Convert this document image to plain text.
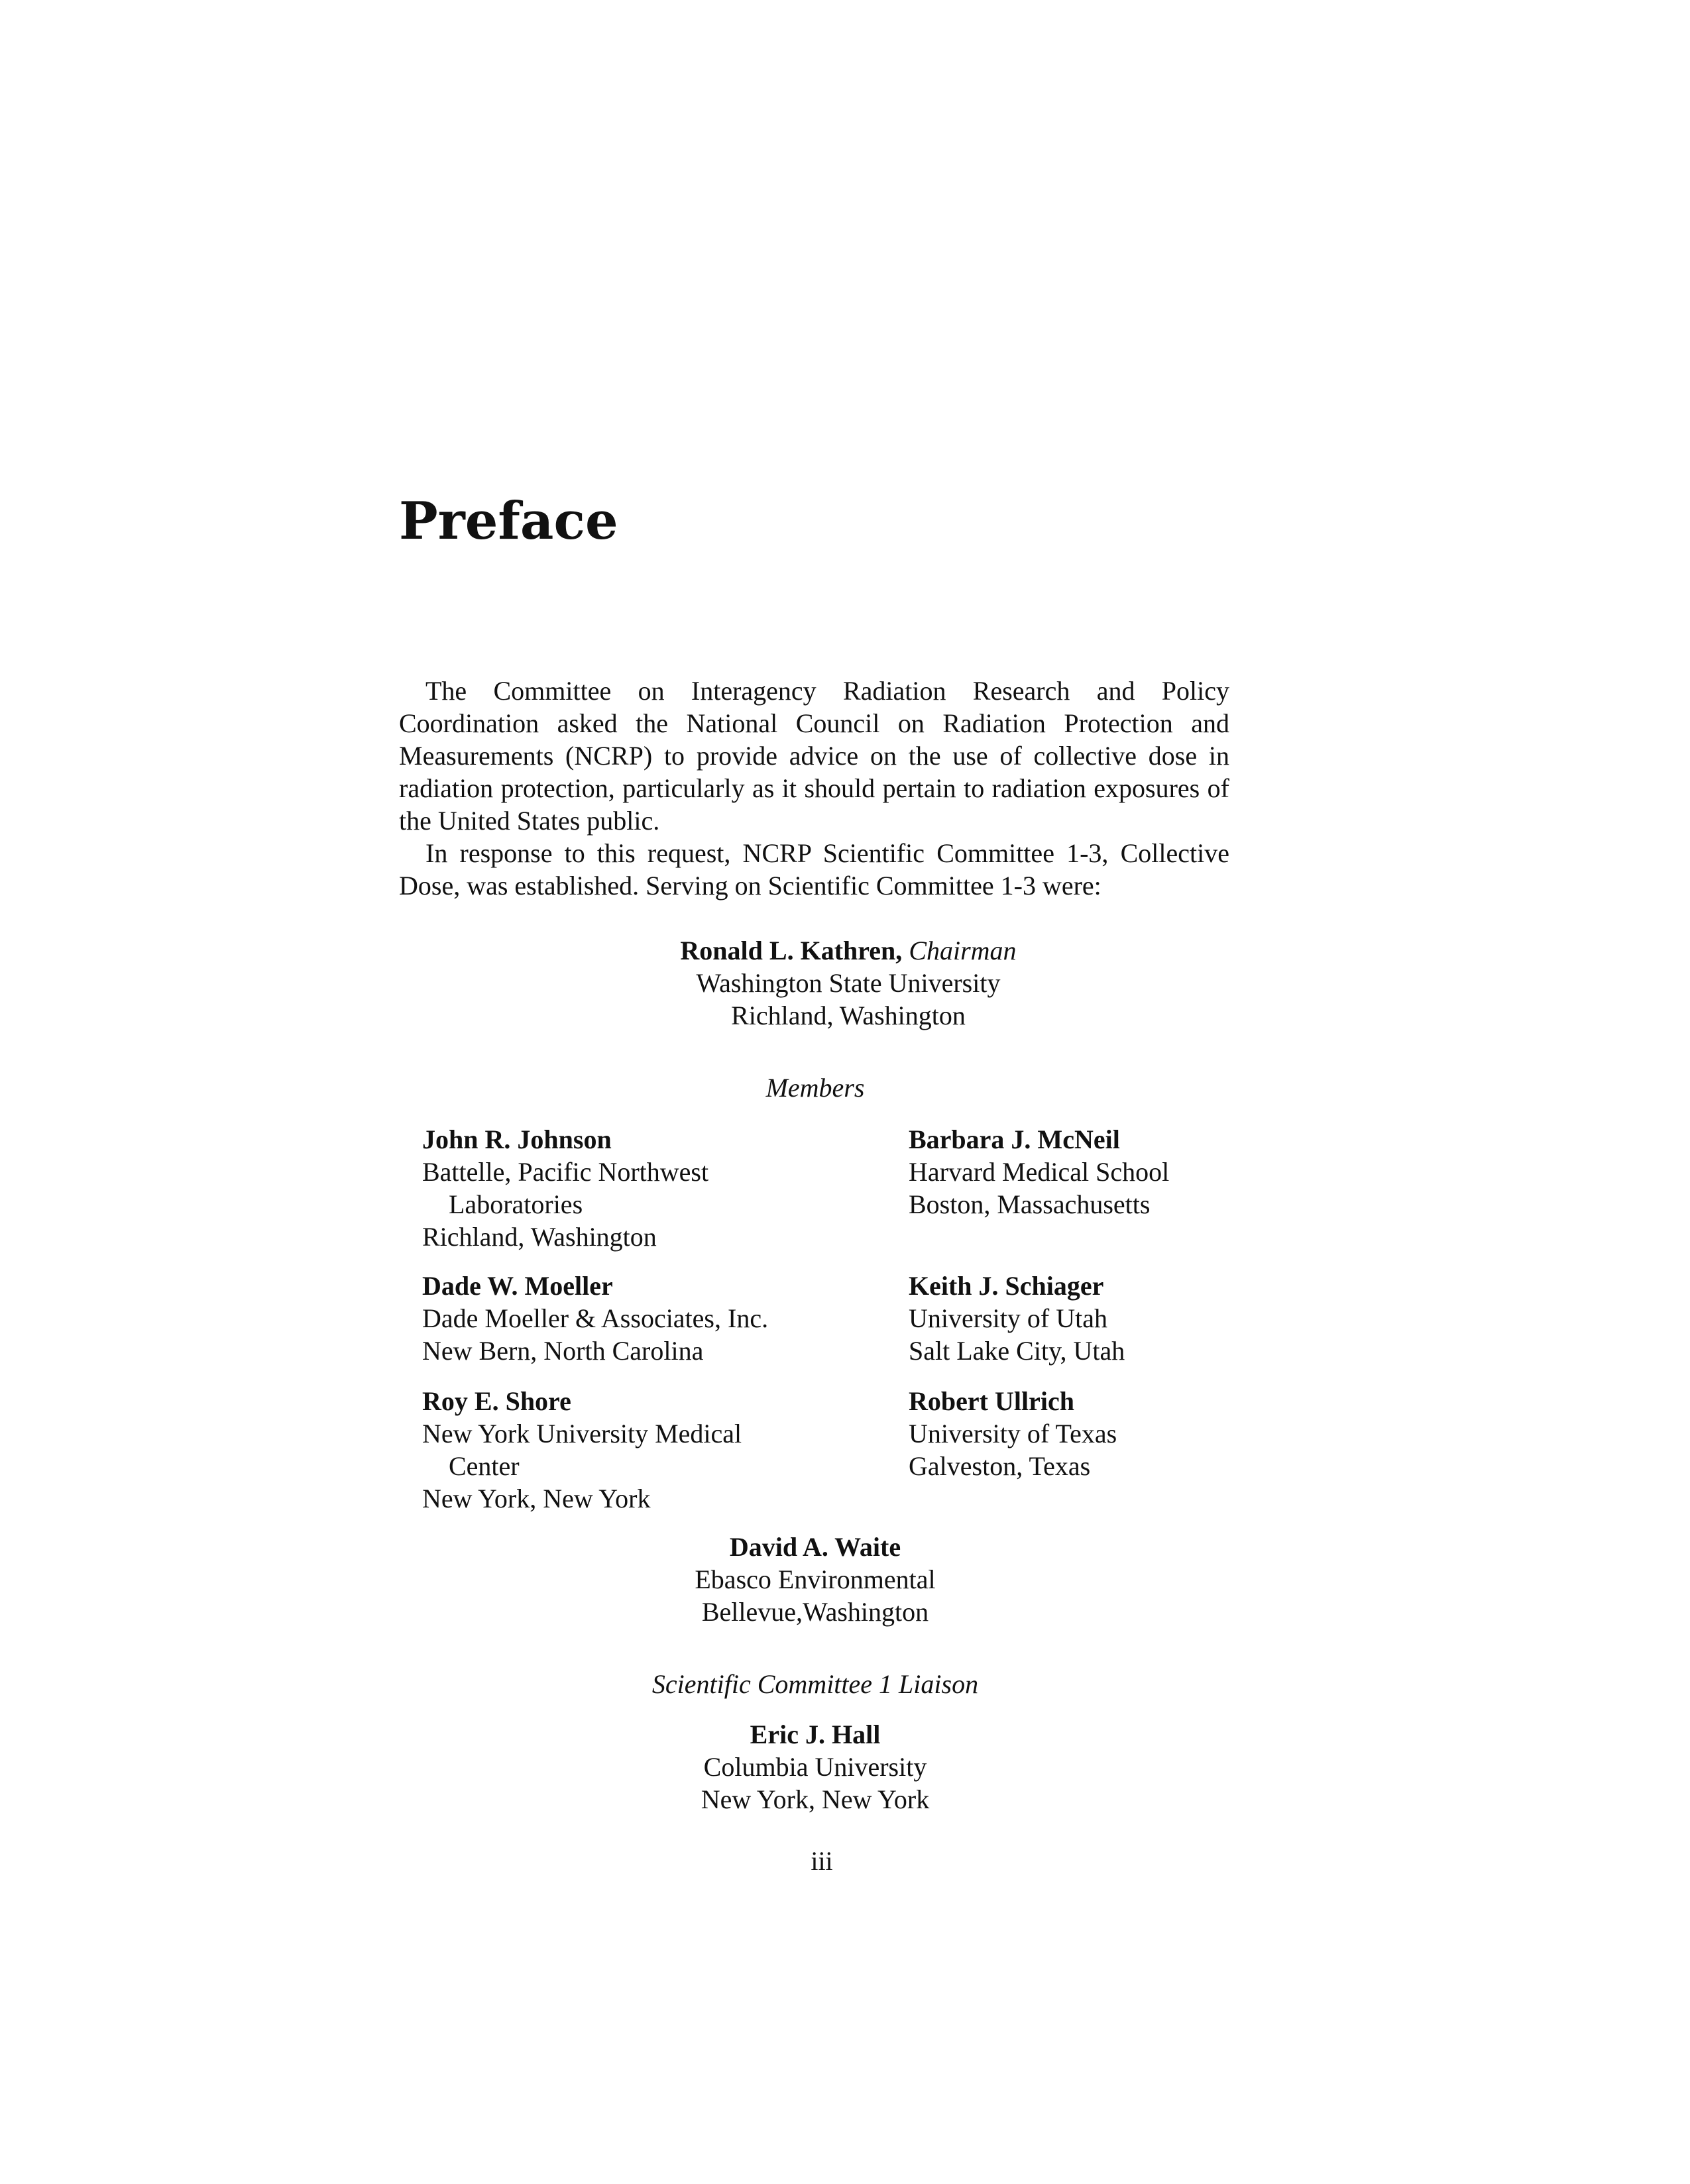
Preface

The Committee on Interagency Radiation Research and Policy Coordination asked the National Council on Radiation Protection and Measurements (NCRP) to provide advice on the use of collective dose in radiation protection, particularly as it should pertain to radiation exposures of the United States public.

In response to this request, NCRP Scientific Committee 1-3, Collective Dose, was established. Serving on Scientific Committee 1-3 were:

Ronald L. Kathren, Chairman
Washington State University
Richland, Washington
Members
John R. Johnson
Battelle, Pacific Northwest
Laboratories
Richland, Washington
Dade W. Moeller
Dade Moeller & Associates, Inc.
New Bern, North Carolina
Roy E. Shore
New York University Medical
Center
New York, New York
Barbara J. McNeil
Harvard Medical School
Boston, Massachusetts
Keith J. Schiager
University of Utah
Salt Lake City, Utah
Robert Ullrich
University of Texas
Galveston, Texas
David A. Waite
Ebasco Environmental
Bellevue,Washington
Scientific Committee 1 Liaison
Eric J. Hall
Columbia University
New York, New York
iii
